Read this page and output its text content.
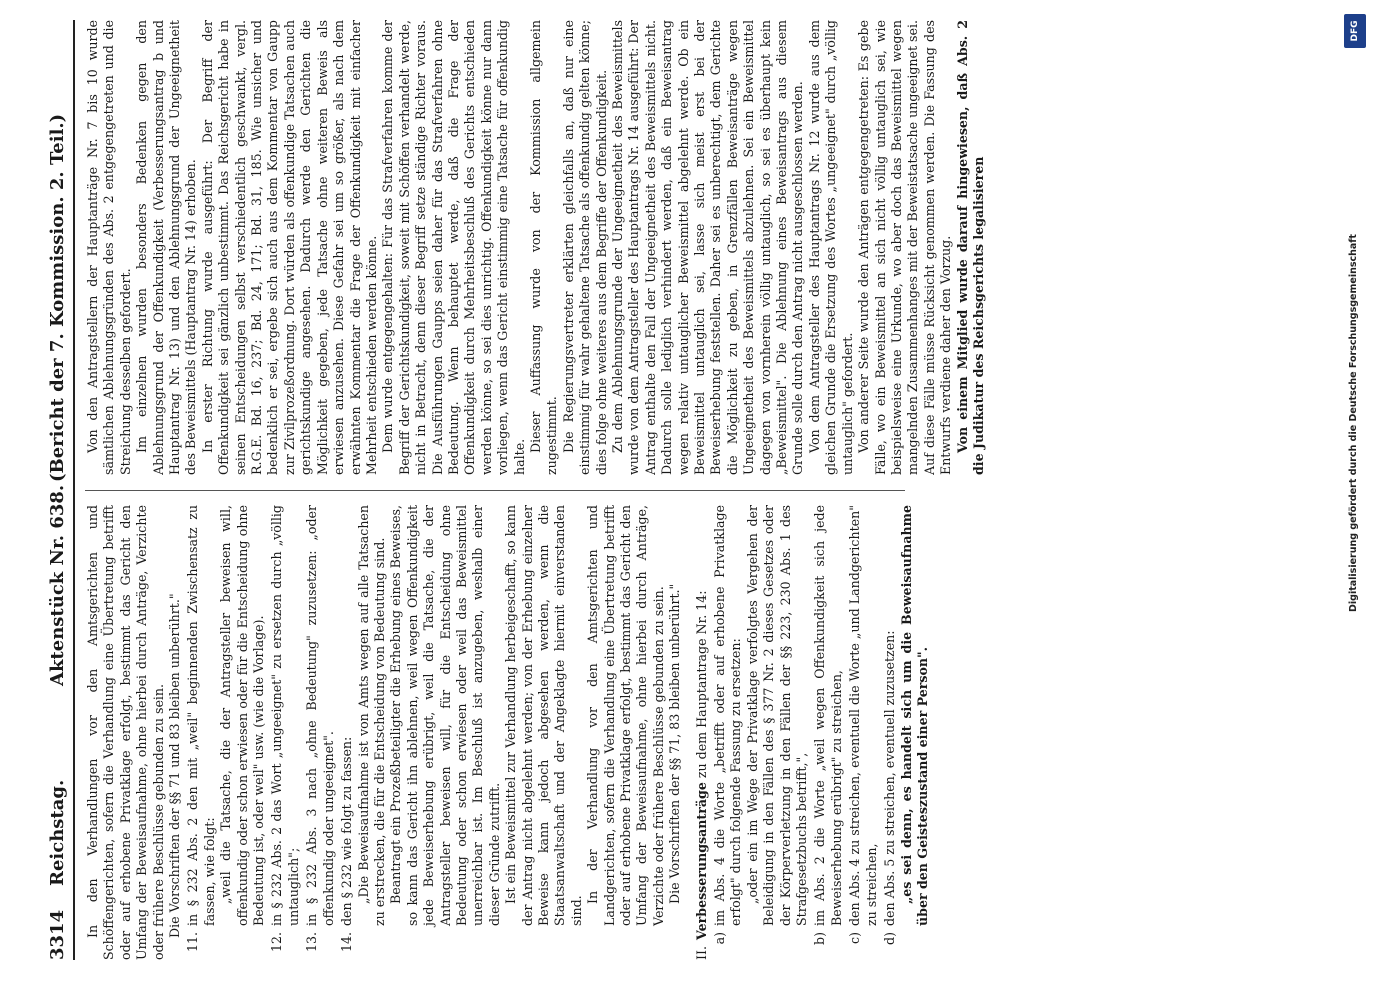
3314
Reichstag.
Aktenstück Nr. 638.
(Bericht der 7. Kommission. 2. Teil.)

In den Verhandlungen vor den Amtsgerichten und Schöffengerichten, sofern die Verhandlung eine Übertretung betrifft oder auf erhobene Privatklage erfolgt, bestimmt das Gericht den Umfang der Beweisaufnahme, ohne hierbei durch Anträge, Verzichte oder frühere Beschlüsse gebunden zu sein. Die Vorschriften der §§ 71 und 83 bleiben unberührt."

11.

in § 232 Abs. 2 den mit „weil" beginnenden Zwischensatz zu fassen, wie folgt: „weil die Tatsache, die der Antragsteller beweisen will, offenkundig oder schon erwiesen oder für die Entscheidung ohne Bedeutung ist, oder weil" usw. (wie die Vorlage).

12.

in § 232 Abs. 2 das Wort „ungeeignet" zu ersetzen durch „völlig untauglich";

13.

in § 232 Abs. 3 nach „ohne Bedeutung" zuzusetzen: „oder offenkundig oder ungeeignet".

14.

den § 232 wie folgt zu fassen: „Die Beweisaufnahme ist von Amts wegen auf alle Tatsachen zu erstrecken, die für die Entscheidung von Bedeutung sind. Beantragt ein Prozeßbeteiligter die Erhebung eines Beweises, so kann das Gericht ihn ablehnen, weil wegen Offenkundigkeit jede Beweiserhebung erübrigt, weil die Tatsache, die der Antragsteller beweisen will, für die Entscheidung ohne Bedeutung oder schon erwiesen oder weil das Beweismittel unerreichbar ist. Im Beschluß ist anzugeben, weshalb einer dieser Gründe zutrifft. Ist ein Beweismittel zur Verhandlung herbeigeschafft, so kann der Antrag nicht abgelehnt werden; von der Erhebung einzelner Beweise kann jedoch abgesehen werden, wenn die Staatsanwaltschaft und der Angeklagte hiermit einverstanden sind.

In der Verhandlung vor den Amtsgerichten und Landgerichten, sofern die Verhandlung eine Übertretung betrifft oder auf erhobene Privatklage erfolgt, bestimmt das Gericht den Umfang der Beweisaufnahme, ohne hierbei durch Anträge, Verzichte oder frühere Beschlüsse gebunden zu sein. Die Vorschriften der §§ 71, 83 bleiben unberührt."

II.

Verbesserungsanträge zu dem Hauptantrage Nr. 14:

a)

im Abs. 4 die Worte „betrifft oder auf erhobene Privatklage erfolgt" durch folgende Fassung zu ersetzen: „oder ein im Wege der Privatklage verfolgtes Vergehen der Beleidigung in den Fällen des § 377 Nr. 2 dieses Gesetzes oder der Körperverletzung in den Fällen der §§ 223, 230 Abs. 1 des Strafgesetzbuchs betrifft,",

b)

im Abs. 2 die Worte „weil wegen Offenkundigkeit sich jede Beweiserhebung erübrigt" zu streichen,

c)

den Abs. 4 zu streichen, eventuell die Worte „und Landgerichten" zu streichen,

d)

den Abs. 5 zu streichen, eventuell zuzusetzen: „es sei denn, es handelt sich um die Beweisaufnahme über den Geisteszustand einer Person".

Von den Antragstellern der Hauptanträge Nr. 7 bis 10 wurde sämtlichen Ablehnungsgründen des Abs. 2 entgegengetreten und die Streichung desselben gefordert. Im einzelnen wurden besonders Bedenken gegen den Ablehnungsgrund der Offenkundigkeit (Verbesserungsantrag b und Hauptantrag Nr. 13) und den Ablehnungsgrund der Ungeeignetheit des Beweismittels (Hauptantrag Nr. 14) erhoben. In erster Richtung wurde ausgeführt: Der Begriff der Offenkundigkeit sei gänzlich unbestimmt. Das Reichsgericht habe in seinen Entscheidungen selbst verschiedentlich geschwankt, vergl. R.G.E. Bd. 16, 237; Bd. 24, 171; Bd. 31, 185. Wie unsicher und bedenklich er sei, ergebe sich auch aus dem Kommentar von Gaupp zur Zivilprozeßordnung. Dort würden als offenkundige Tatsachen auch gerichtskundige angesehen. Dadurch werde den Gerichten die Möglichkeit gegeben, jede Tatsache ohne weiteren Beweis als erwiesen anzusehen. Diese Gefahr sei um so größer, als nach dem erwähnten Kommentar die Frage der Offenkundigkeit mit einfacher Mehrheit entschieden werden könne. Dem wurde entgegengehalten: Für das Strafverfahren komme der Begriff der Gerichtskundigkeit, soweit mit Schöffen verhandelt werde, nicht in Betracht, denn dieser Begriff setze ständige Richter voraus. Die Ausführungen Gaupps seien daher für das Strafverfahren ohne Bedeutung. Wenn behauptet werde, daß die Frage der Offenkundigkeit durch Mehrheitsbeschluß des Gerichts entschieden werden könne, so sei dies unrichtig. Offenkundigkeit könne nur dann vorliegen, wenn das Gericht einstimmig eine Tatsache für offenkundig halte.

Dieser Auffassung wurde von der Kommission allgemein zugestimmt. Die Regierungsvertreter erklärten gleichfalls an, daß nur eine einstimmig für wahr gehaltene Tatsache als offenkundig gelten könne; dies folge ohne weiteres aus dem Begriffe der Offenkundigkeit. Zu dem Ablehnungsgrunde der Ungeeignetheit des Beweismittels wurde von dem Antragsteller des Hauptantrags Nr. 14 ausgeführt: Der Antrag enthalte den Fall der Ungeeignetheit des Beweismittels nicht. Dadurch solle lediglich verhindert werden, daß ein Beweisantrag wegen relativ untauglicher Beweismittel abgelehnt werde. Ob ein Beweismittel untauglich sei, lasse sich meist erst bei der Beweiserhebung feststellen. Daher sei es unberechtigt, dem Gerichte die Möglichkeit zu geben, in Grenzfällen Beweisanträge wegen Ungeeignetheit des Beweismittels abzulehnen. Sei ein Beweismittel dagegen von vornherein völlig untauglich, so sei es überhaupt kein „Beweismittel". Die Ablehnung eines Beweisantrags aus diesem Grunde solle durch den Antrag nicht ausgeschlossen werden. Von dem Antragsteller des Hauptantrags Nr. 12 wurde aus dem gleichen Grunde die Ersetzung des Wortes „ungeeignet" durch „völlig untauglich" gefordert. Von anderer Seite wurde den Anträgen entgegengetreten: Es gebe Fälle, wo ein Beweismittel an sich nicht völlig untauglich sei, wie beispielsweise eine Urkunde, wo aber doch das Beweismittel wegen mangelnden Zusammenhanges mit der Beweistatsache ungeeignet sei. Auf diese Fälle müsse Rücksicht genommen werden. Die Fassung des Entwurfs verdiene daher den Vorzug. Von einem Mitglied wurde darauf hingewiesen, daß Abs. 2 die Judikatur des Reichsgerichts legalisieren	Digitalisierung gefördert durch die Deutsche Forschungsgemeinschaft
DFG
